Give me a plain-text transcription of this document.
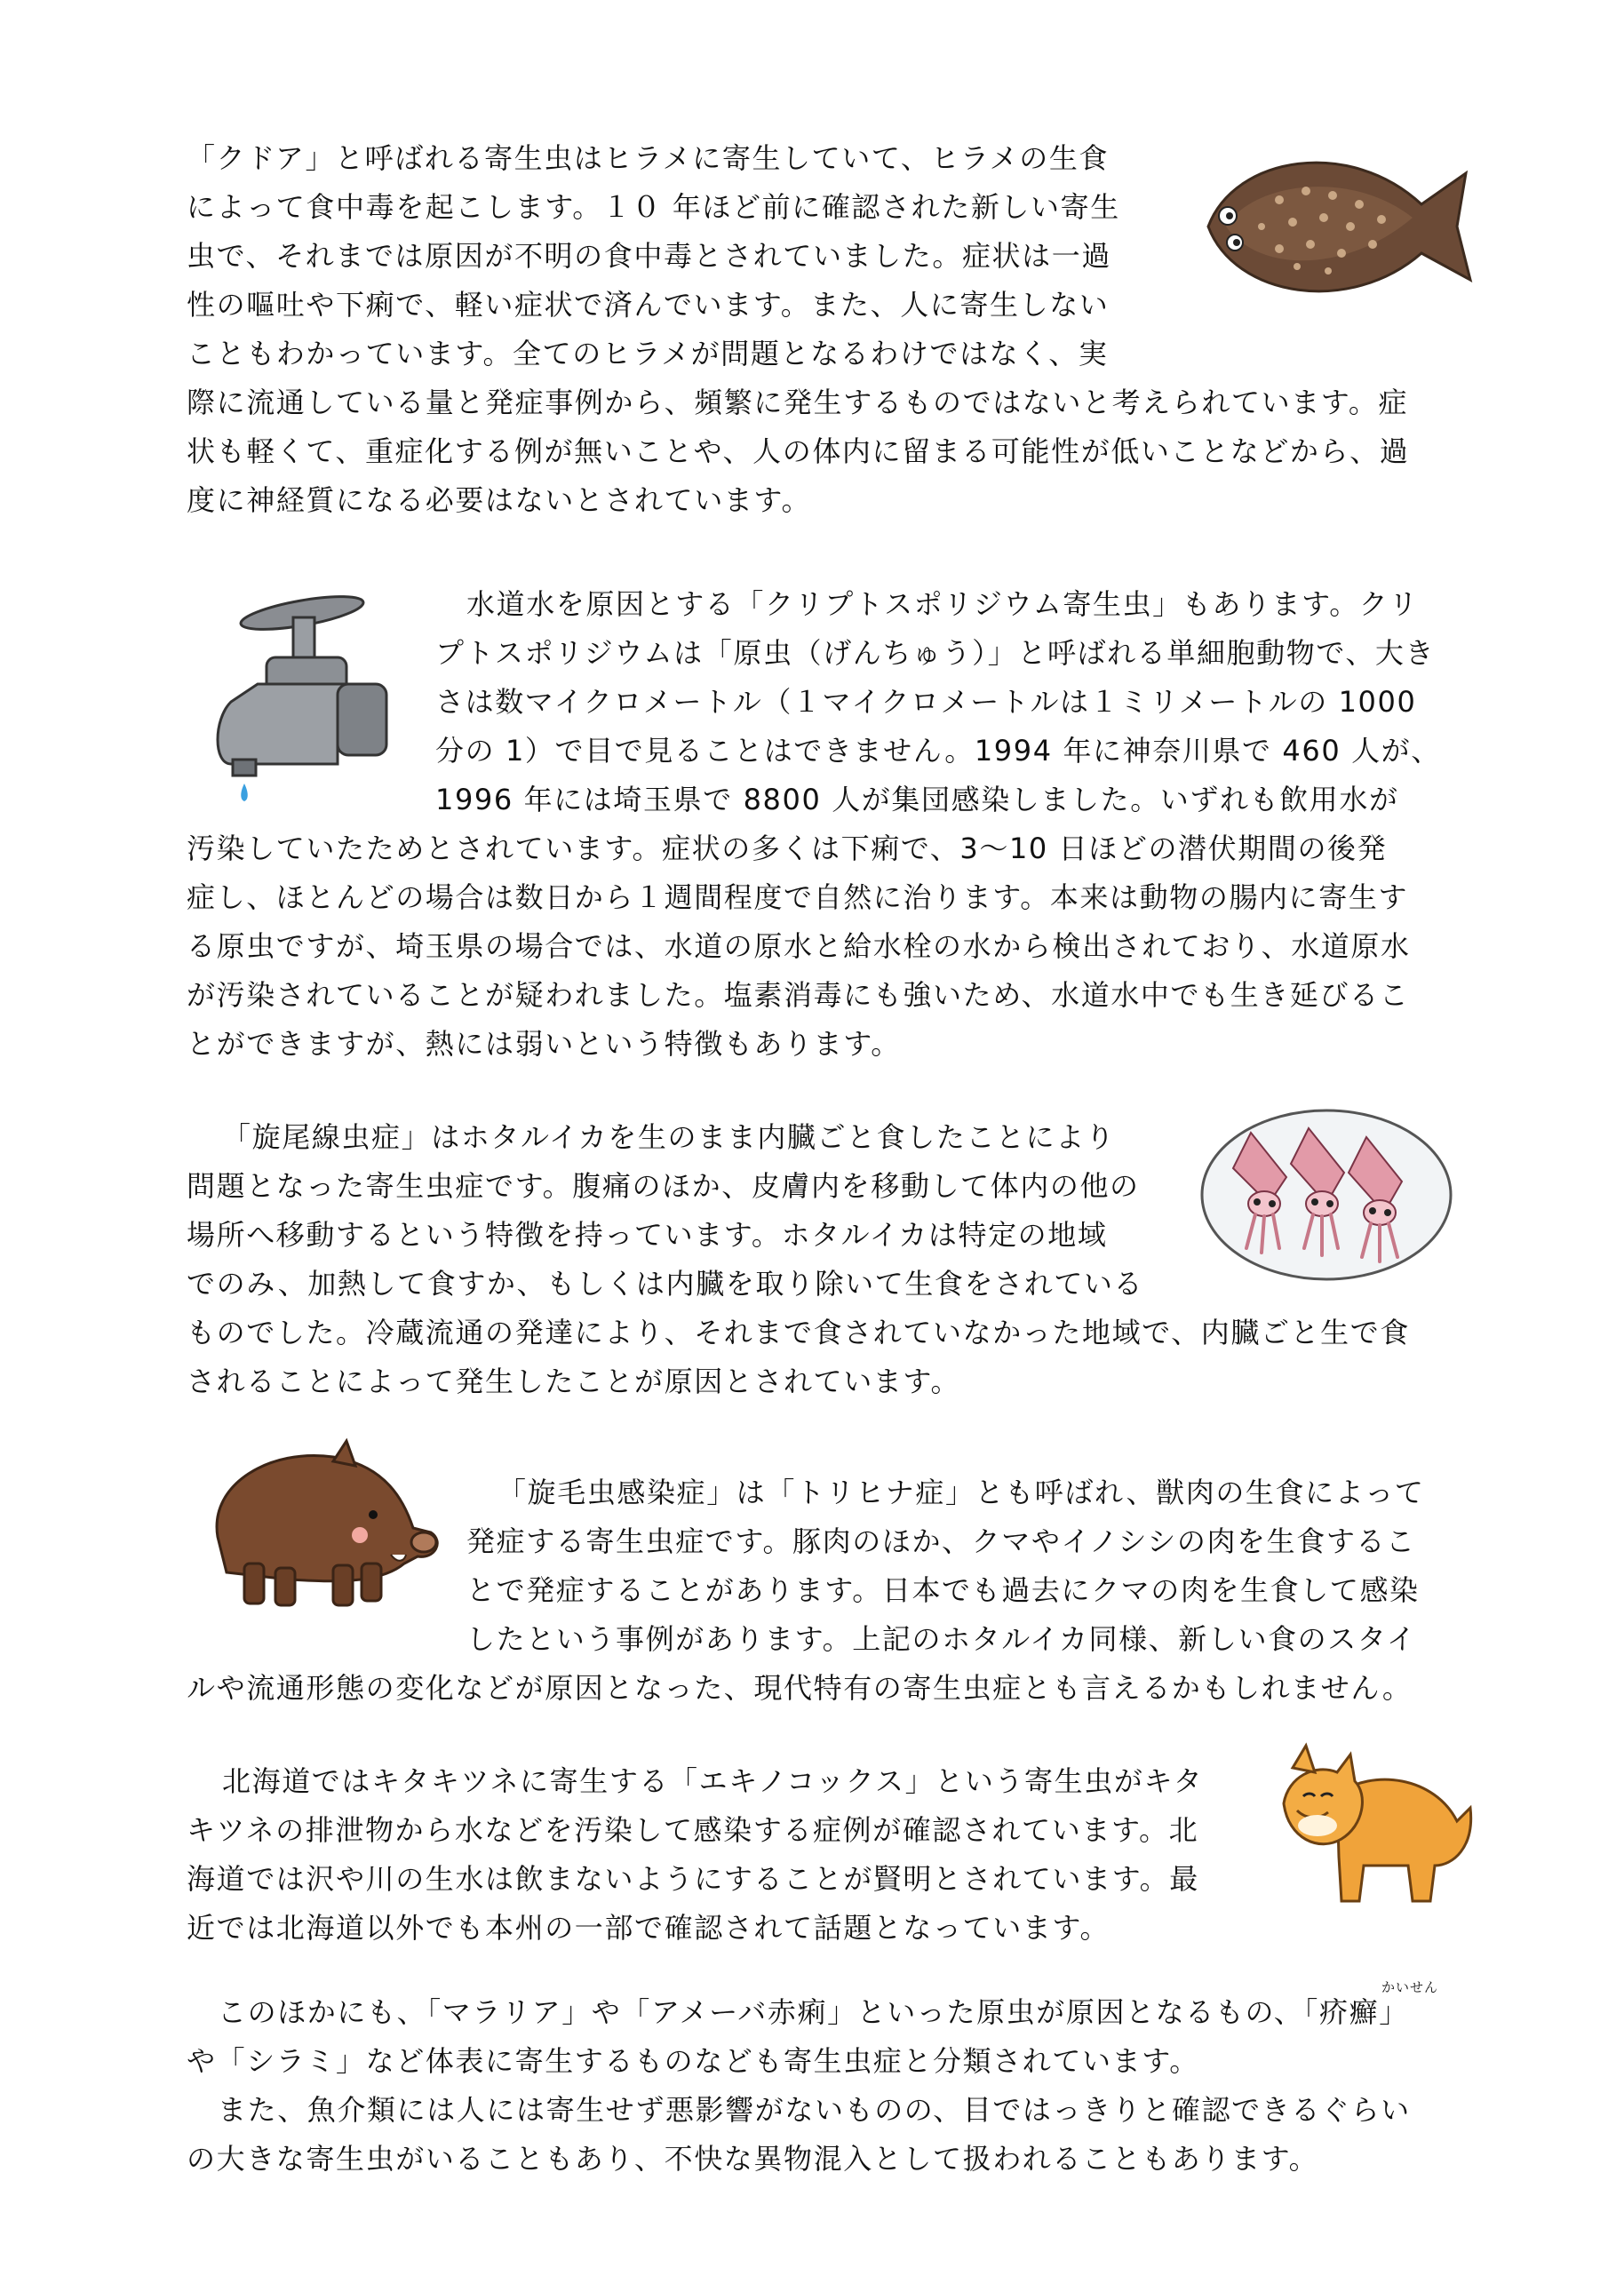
「クドア」と呼ばれる寄生虫はヒラメに寄生していて、ヒラメの生食
によって食中毒を起こします。１０ 年ほど前に確認された新しい寄生
虫で、それまでは原因が不明の食中毒とされていました。症状は一過
性の嘔吐や下痢で、軽い症状で済んでいます。また、人に寄生しない
こともわかっています。全てのヒラメが問題となるわけではなく、実
際に流通している量と発症事例から、頻繁に発生するものではないと考えられています。症
状も軽くて、重症化する例が無いことや、人の体内に留まる可能性が低いことなどから、過
度に神経質になる必要はないとされています。
水道水を原因とする「クリプトスポリジウム寄生虫」もあります。クリ
プトスポリジウムは「原虫（げんちゅう）」と呼ばれる単細胞動物で、大き
さは数マイクロメートル（１マイクロメートルは１ミリメートルの 1000
分の 1）で目で見ることはできません。1994 年に神奈川県で 460 人が、
1996 年には埼玉県で 8800 人が集団感染しました。いずれも飲用水が
汚染していたためとされています。症状の多くは下痢で、3～10 日ほどの潜伏期間の後発
症し、ほとんどの場合は数日から１週間程度で自然に治ります。本来は動物の腸内に寄生す
る原虫ですが、埼玉県の場合では、水道の原水と給水栓の水から検出されており、水道原水
が汚染されていることが疑われました。塩素消毒にも強いため、水道水中でも生き延びるこ
とができますが、熱には弱いという特徴もあります。
「旋尾線虫症」はホタルイカを生のまま内臓ごと食したことにより
問題となった寄生虫症です。腹痛のほか、皮膚内を移動して体内の他の
場所へ移動するという特徴を持っています。ホタルイカは特定の地域
でのみ、加熱して食すか、もしくは内臓を取り除いて生食をされている
ものでした。冷蔵流通の発達により、それまで食されていなかった地域で、内臓ごと生で食
されることによって発生したことが原因とされています。
「旋毛虫感染症」は「トリヒナ症」とも呼ばれ、獣肉の生食によって
発症する寄生虫症です。豚肉のほか、クマやイノシシの肉を生食するこ
とで発症することがあります。日本でも過去にクマの肉を生食して感染
したという事例があります。上記のホタルイカ同様、新しい食のスタイ
ルや流通形態の変化などが原因となった、現代特有の寄生虫症とも言えるかもしれません。
北海道ではキタキツネに寄生する「エキノコックス」という寄生虫がキタ
キツネの排泄物から水などを汚染して感染する症例が確認されています。北
海道では沢や川の生水は飲まないようにすることが賢明とされています。最
近では北海道以外でも本州の一部で確認されて話題となっています。
かいせん
このほかにも、「マラリア」や「アメーバ赤痢」といった原虫が原因となるもの、「疥癬」
や「シラミ」など体表に寄生するものなども寄生虫症と分類されています。
また、魚介類には人には寄生せず悪影響がないものの、目ではっきりと確認できるぐらい
の大きな寄生虫がいることもあり、不快な異物混入として扱われることもあります。
